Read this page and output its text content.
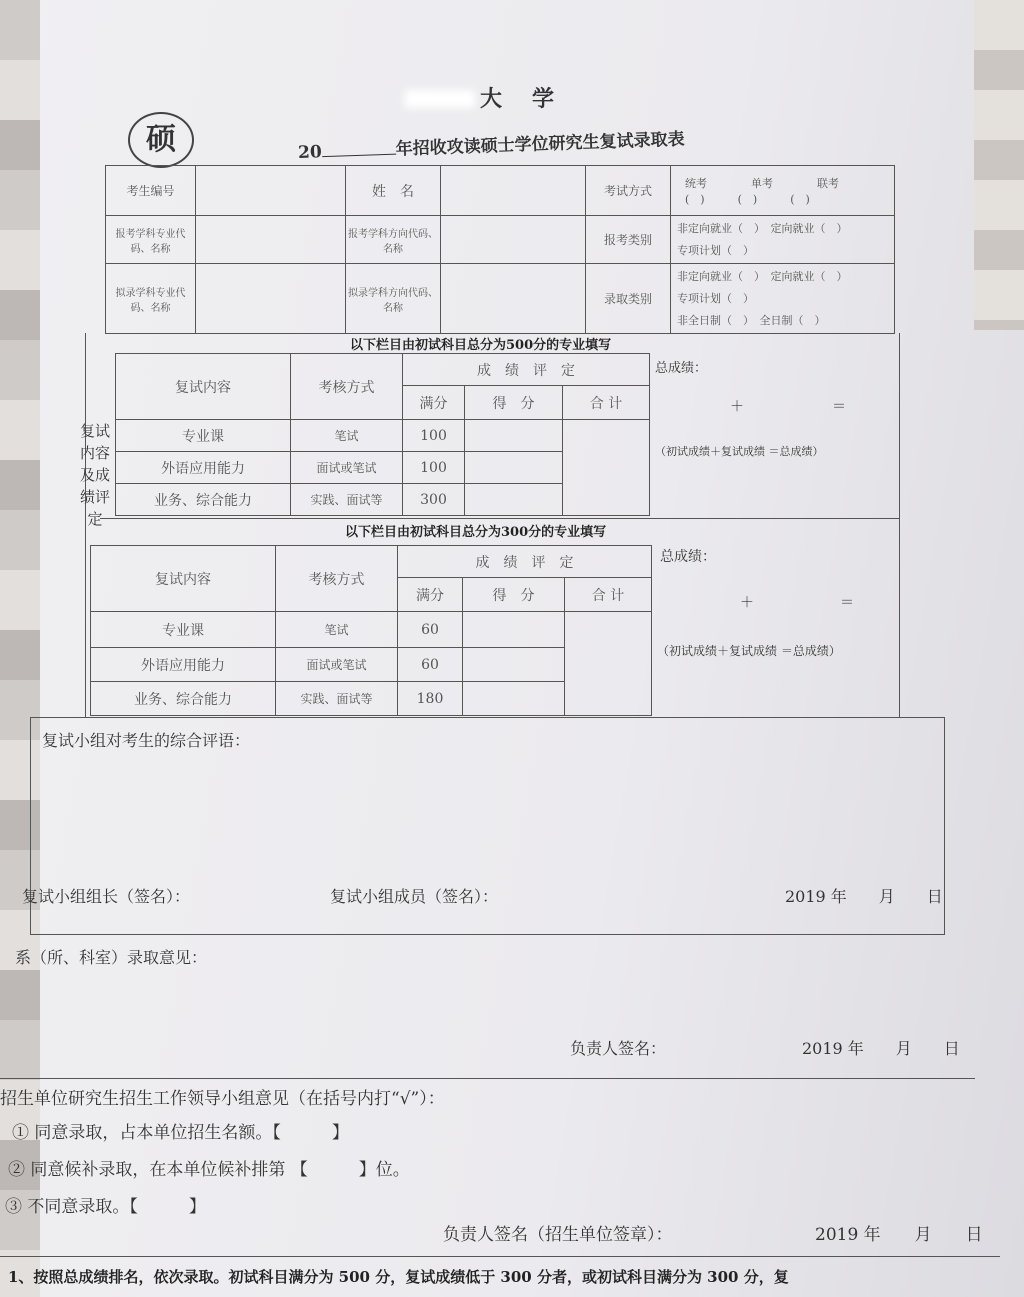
硕
大学
20	年招收攻读硕士学位研究生复试录取表
考生编号		姓　名		考试方式	统考　　　　 单考　　　　 联考
(　)　　　 (　)　　　 (　)
报考学科专业代码、名称		报考学科方向代码、名称		报考类别	非定向就业（　）　 定向就业（　）
专项计划（　）
拟录学科专业代码、名称		拟录学科方向代码、名称		录取类别	非定向就业（　）　 定向就业（　）
专项计划（　）
非全日制（　）　 全日制（　）
复试内容及成绩评定
以下栏目由初试科目总分为500分的专业填写
复试内容	考核方式	成　绩　评　定		
		满分	得　分	合 计
专业课	笔试	100		
外语应用能力	面试或笔试	100		
业务、综合能力	实践、面试等	300		
总成绩：
＋	＝
（初试成绩＋复试成绩 ＝总成绩）
以下栏目由初试科目总分为300分的专业填写
复试内容	考核方式	成　绩　评　定		
		满分	得　分	合 计
专业课	笔试	60		
外语应用能力	面试或笔试	60		
业务、综合能力	实践、面试等	180		
总成绩：
＋	＝
（初试成绩＋复试成绩 ＝总成绩）
复试小组对考生的综合评语：
复试小组组长（签名）：	复试小组成员（签名）：	2019 年　　月　　日
系（所、科室）录取意见：
负责人签名：	2019 年　　月　　日
招生单位研究生招生工作领导小组意见（在括号内打“√”）：
① 同意录取，占本单位招生名额。【　　　】
② 同意候补录取，在本单位候补排第 【　　　】位。
③ 不同意录取。【　　　】
负责人签名（招生单位签章）：	2019 年　　月　　日
1、按照总成绩排名，依次录取。初试科目满分为 500 分，复试成绩低于 300 分者，或初试科目满分为 300 分，复
